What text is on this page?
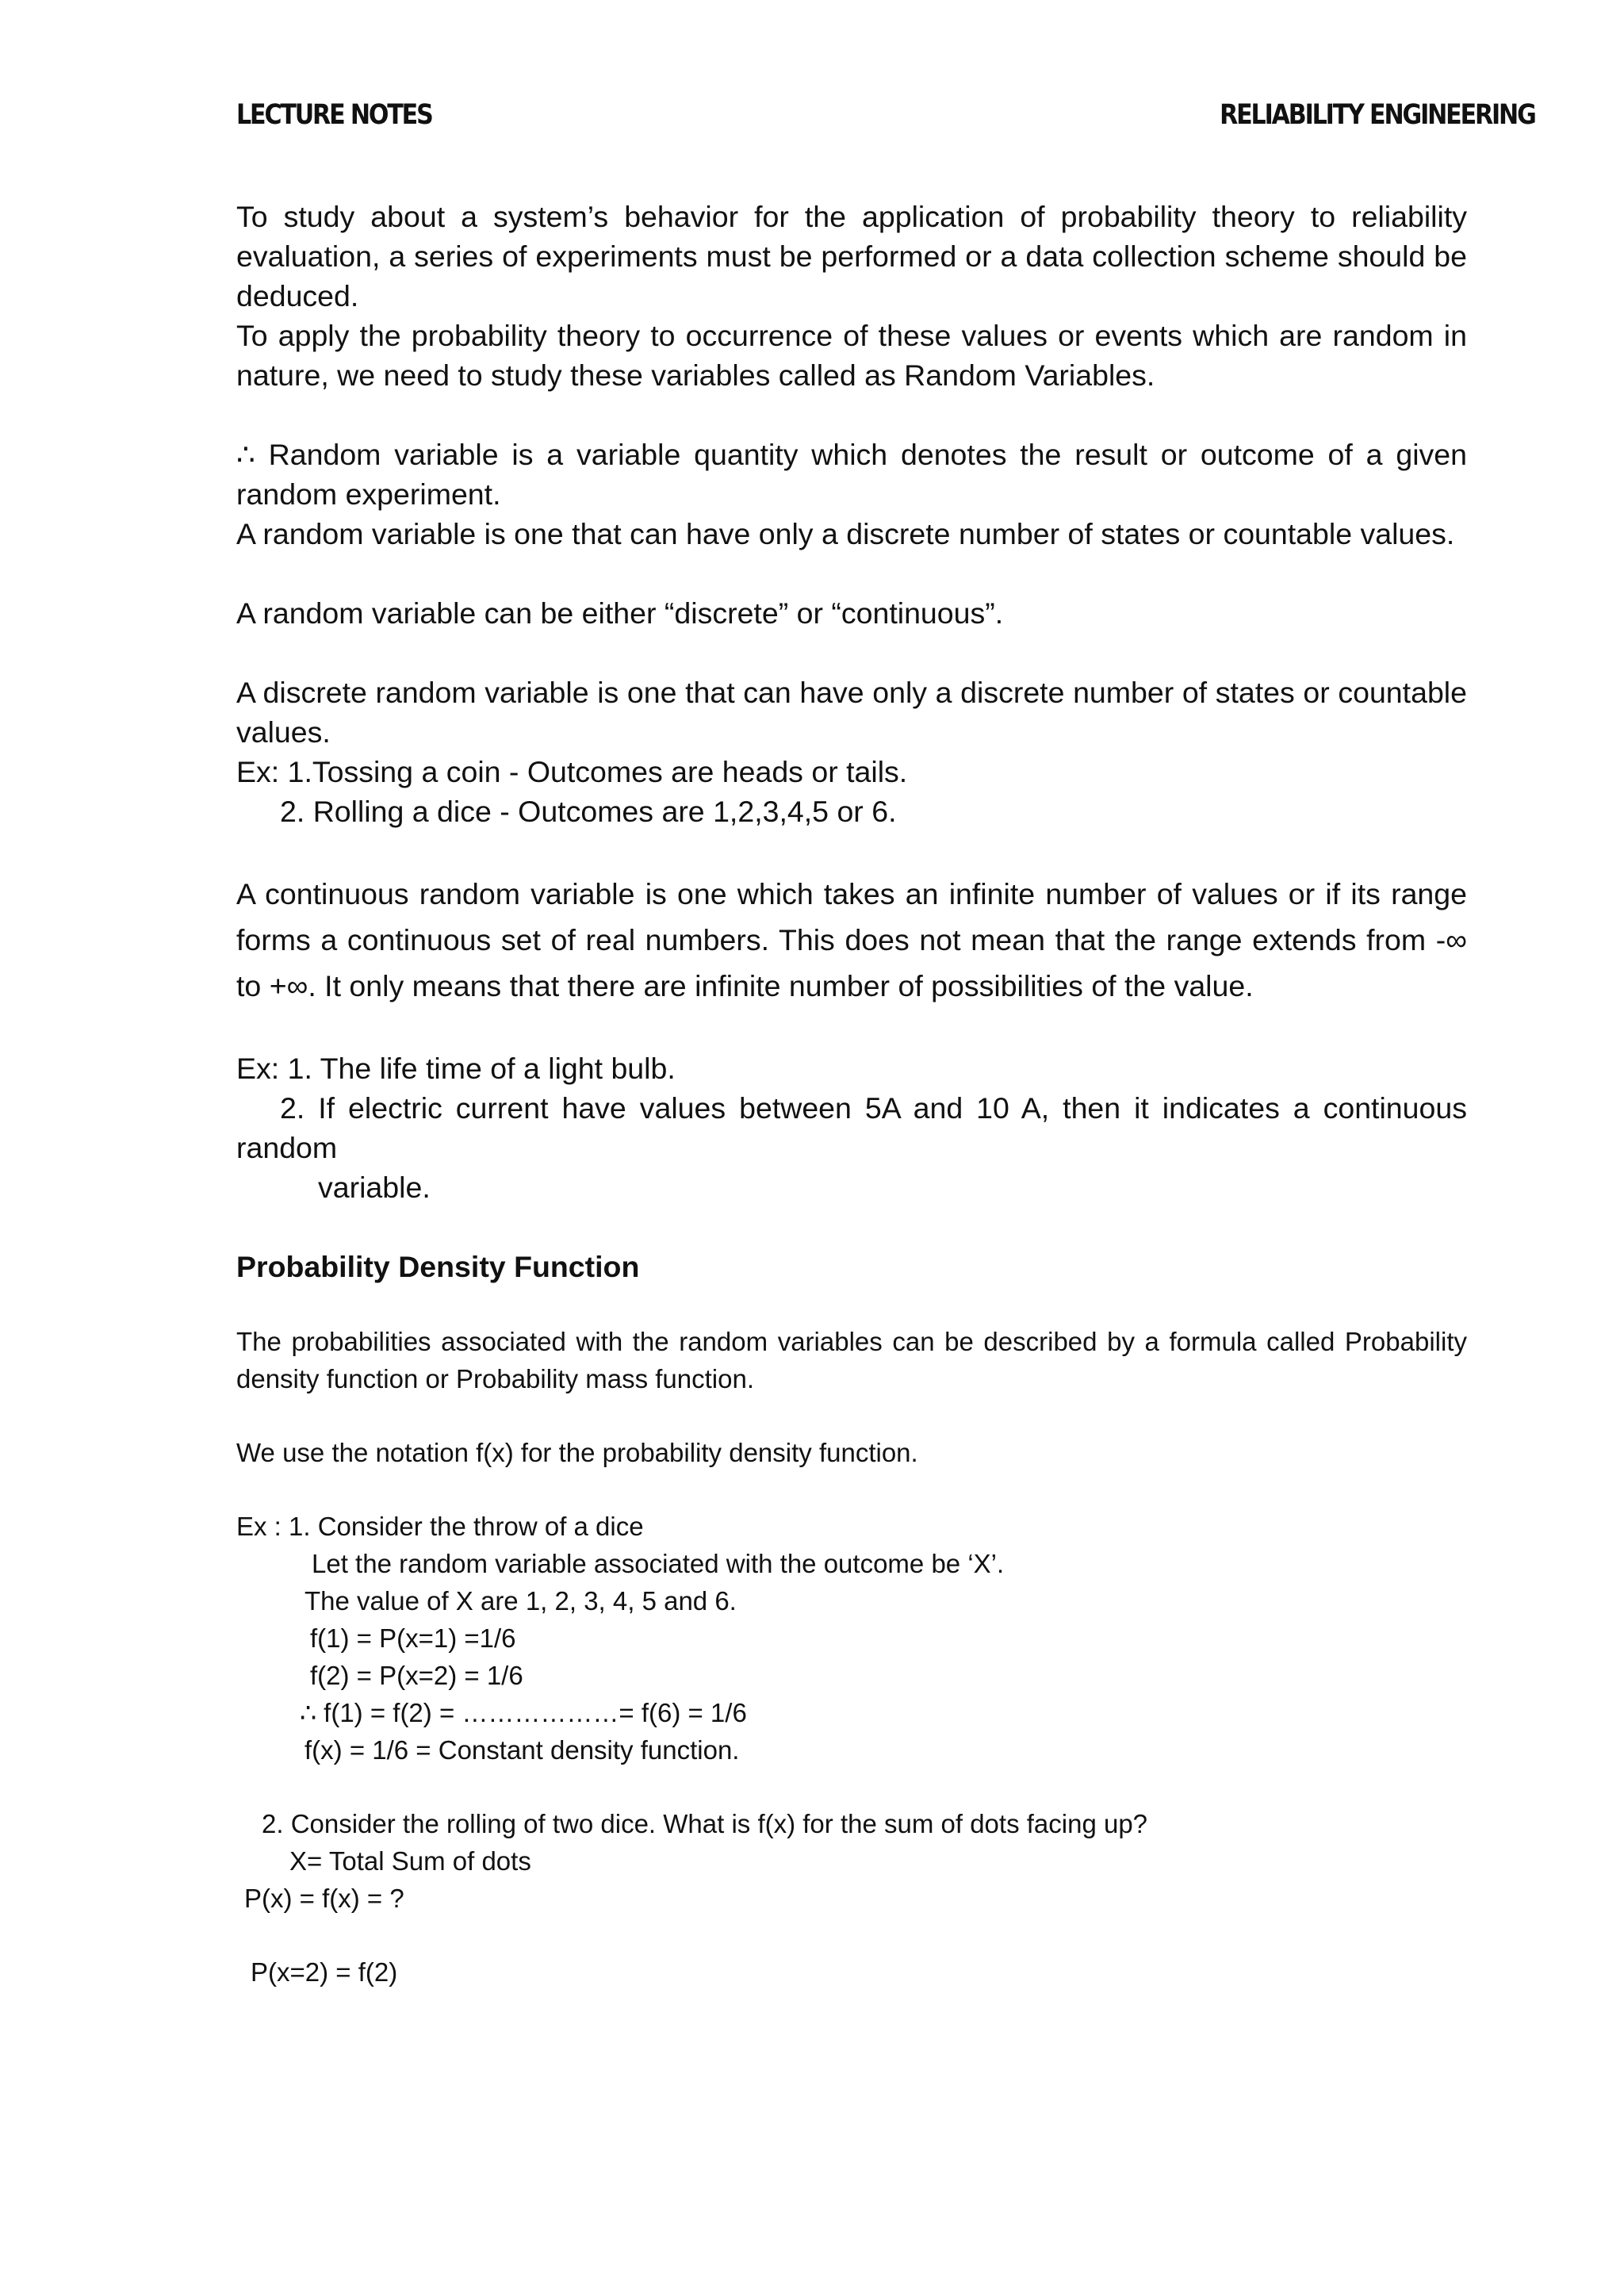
LECTURE NOTES	RELIABILITY ENGINEERING

To study about a system’s behavior for the application of probability theory to reliability evaluation, a series of experiments must be performed or a data collection scheme should be deduced.

To apply the probability theory to occurrence of these values or events which are random in nature, we need to study these variables called as Random Variables.

∴ Random variable is a variable quantity which denotes the result or outcome of a given random experiment.

A random variable is one that can have only a discrete number of states or countable values.

A random variable can be either “discrete” or “continuous”.

A discrete random variable is one that can have only a discrete number of states or countable values.

Ex: 1.Tossing a coin - Outcomes are heads or tails.

2. Rolling a dice - Outcomes are 1,2,3,4,5 or 6.

A continuous random variable is one which takes an infinite number of values or if its range

forms a continuous set of real numbers. This does not mean that the range extends from -∞

to +∞. It only means that there are infinite number of possibilities of the value.

Ex: 1. The life time of a light bulb.

2. If electric current have values between 5A and 10 A, then it indicates a continuous

random

variable.

Probability Density Function

The probabilities associated with the random variables can be described by a formula called Probability density function or Probability mass function.

We use the notation f(x) for the probability density function.

Ex : 1. Consider the throw of a dice

Let the random variable associated with the outcome be ‘X’.

The value of X are 1, 2, 3, 4, 5 and 6.

f(1) = P(x=1) =1/6

f(2) = P(x=2) = 1/6

∴ f(1) = f(2) = ………………= f(6) = 1/6

f(x) = 1/6 = Constant density function.

2. Consider the rolling of two dice. What is f(x) for the sum of dots facing up?

X= Total Sum of dots

P(x) = f(x) = ?

P(x=2) = f(2)
